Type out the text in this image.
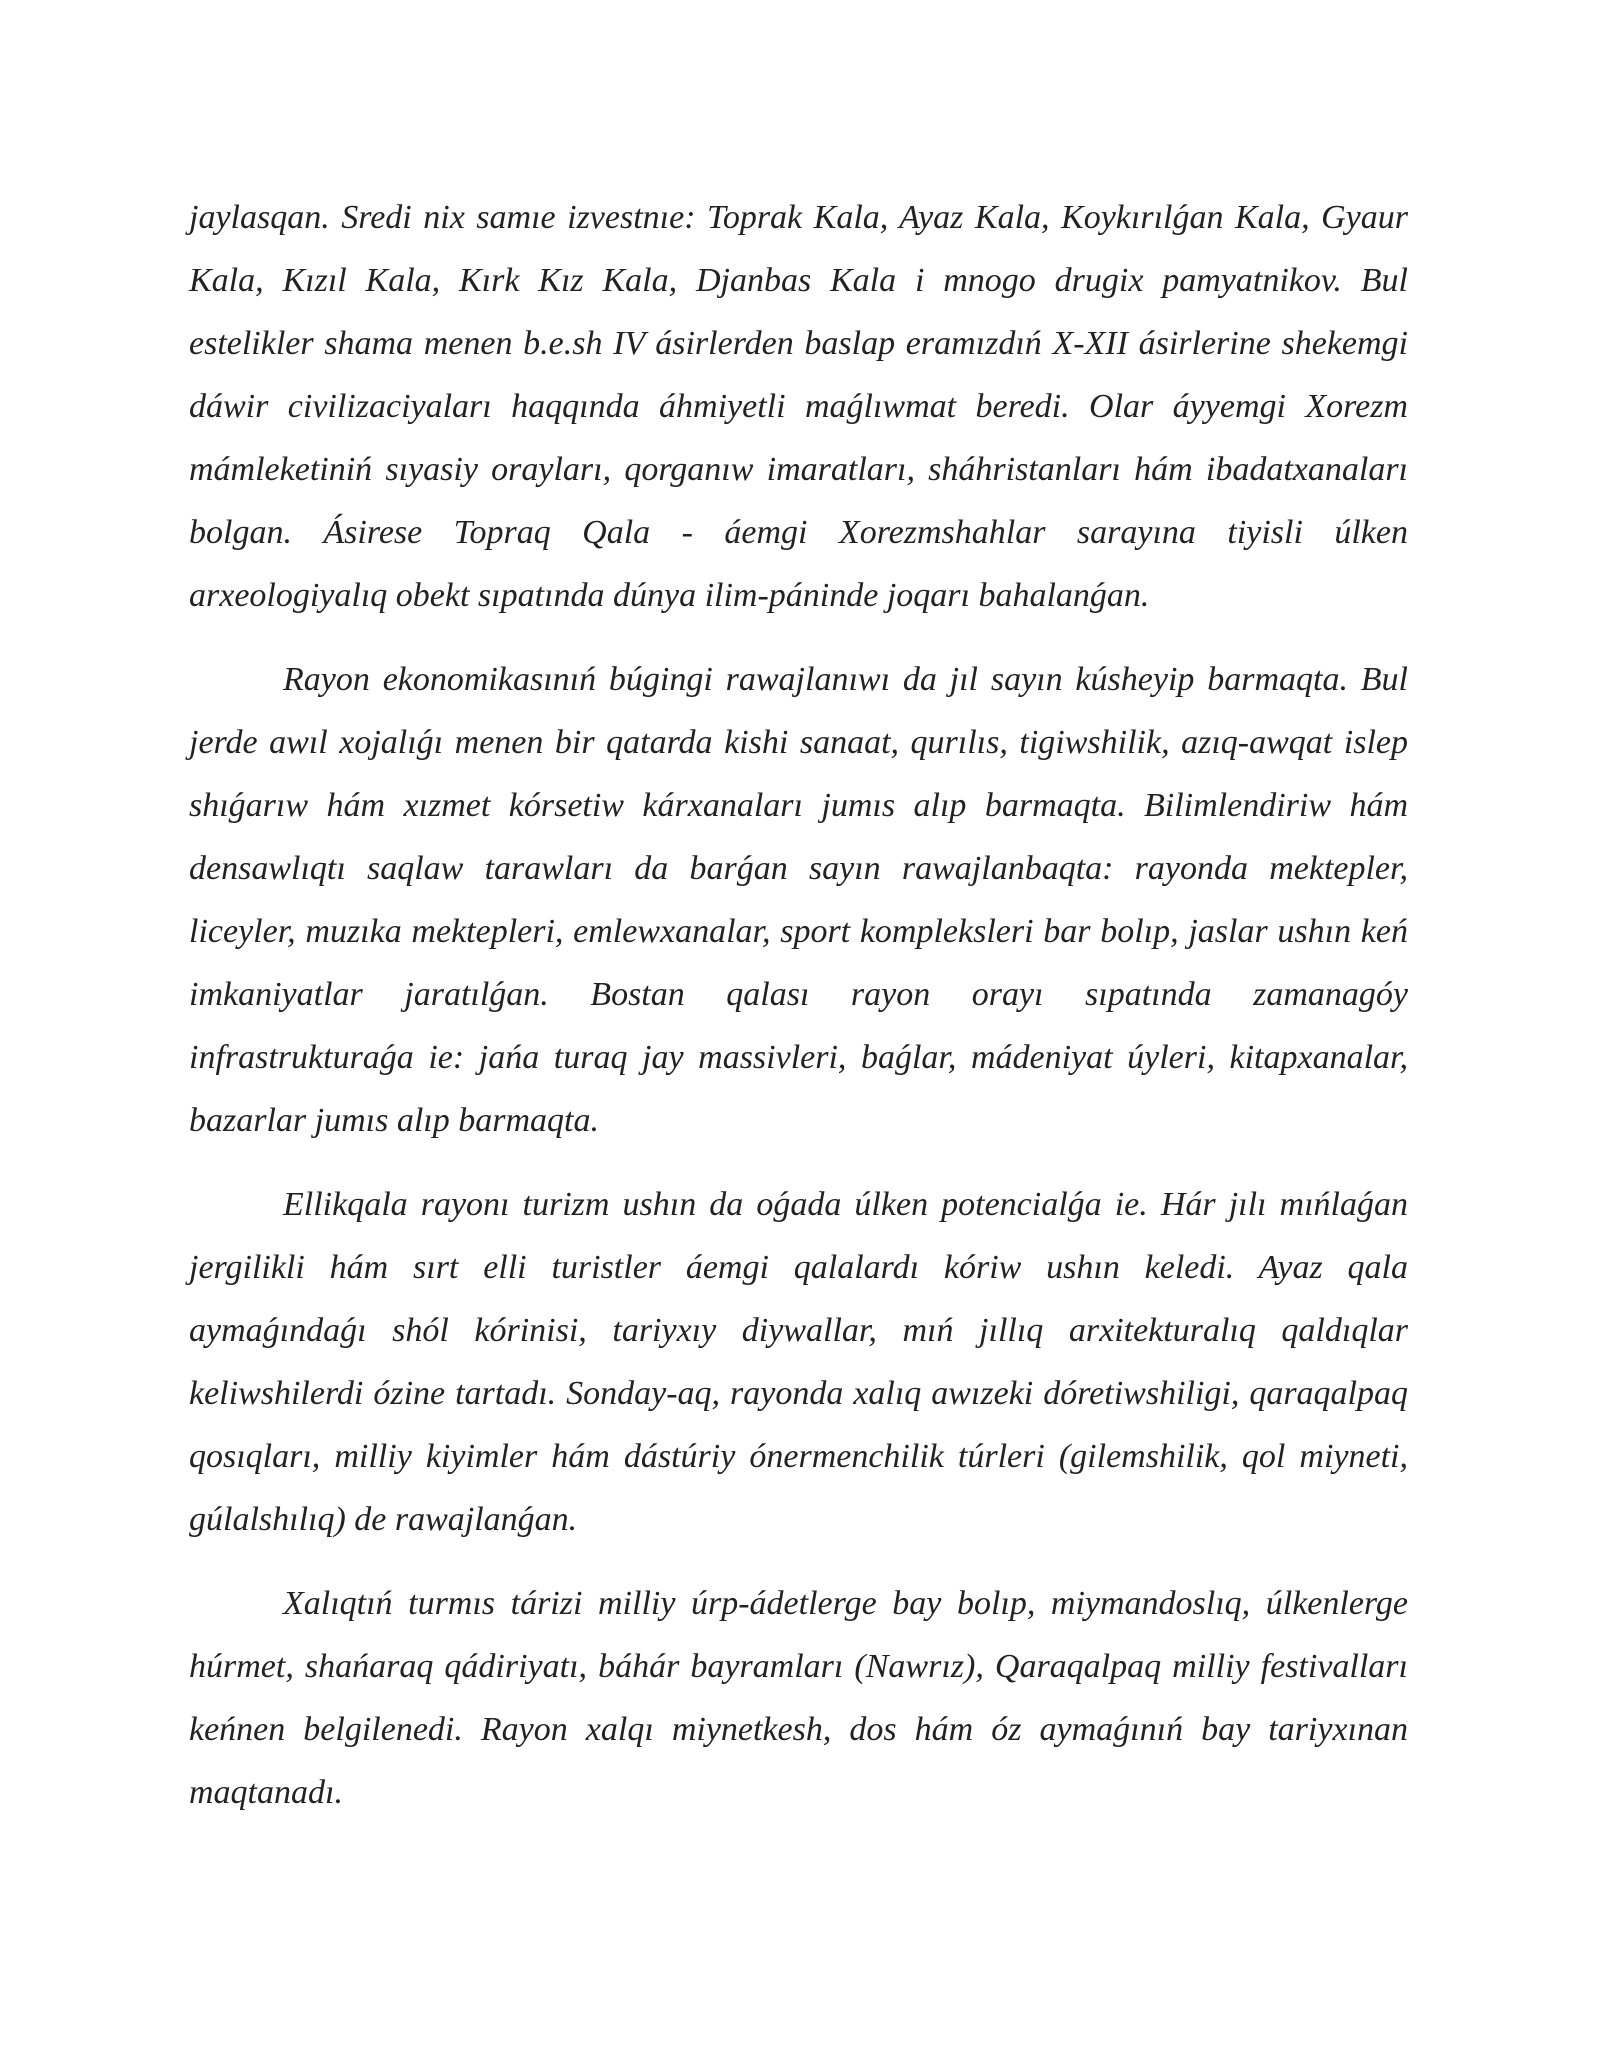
jaylasqan. Sredi nix samıe izvestnıe: Toprak Kala, Ayaz Kala, Koykırılǵan Kala, Gyaur Kala, Kızıl Kala, Kırk Kız Kala, Djanbas Kala i mnogo drugix pamyatnikov. Bul estelikler shama menen b.e.sh IV ásirlerden baslap eramızdıń X-XII ásirlerine shekemgi dáwir civilizaciyaları haqqında áhmiyetli maǵlıwmat beredi. Olar áyyemgi Xorezm mámleketiniń sıyasiy orayları, qorganıw imaratları, sháhristanları hám ibadatxanaları bolgan. Ásirese Topraq Qala - áemgi Xorezmshahlar sarayına tiyisli úlken arxeologiyalıq obekt sıpatında dúnya ilim-páninde joqarı bahalanǵan.

Rayon ekonomikasınıń búgingi rawajlanıwı da jıl sayın kúsheyip barmaqta. Bul jerde awıl xojalıǵı menen bir qatarda kishi sanaat, qurılıs, tigiwshilik, azıq-awqat islep shıǵarıw hám xızmet kórsetiw kárxanaları jumıs alıp barmaqta. Bilimlendiriw hám densawlıqtı saqlaw tarawları da barǵan sayın rawajlanbaqta: rayonda mektepler, liceyler, muzıka mektepleri, emlewxanalar, sport kompleksleri bar bolıp, jaslar ushın keń imkaniyatlar jaratılǵan. Bostan qalası rayon orayı sıpatında zamanagóy infrastrukturaǵa ie: jańa turaq jay massivleri, baǵlar, mádeniyat úyleri, kitapxanalar, bazarlar jumıs alıp barmaqta.

Ellikqala rayonı turizm ushın da oǵada úlken potencialǵa ie. Hár jılı mıńlaǵan jergilikli hám sırt elli turistler áemgi qalalardı kóriw ushın keledi. Ayaz qala aymaǵındaǵı shól kórinisi, tariyxıy diywallar, mıń jıllıq arxitekturalıq qaldıqlar keliwshilerdi ózine tartadı. Sonday-aq, rayonda xalıq awızeki dóretiwshiligi, qaraqalpaq qosıqları, milliy kiyimler hám dástúriy ónermenchilik túrleri (gilemshilik, qol miyneti, gúlalshılıq) de rawajlanǵan.

Xalıqtıń turmıs tárizi milliy úrp-ádetlerge bay bolıp, miymandoslıq, úlkenlerge húrmet, shańaraq qádiriyatı, báhár bayramları (Nawrız), Qaraqalpaq milliy festivalları keńnen belgilenedi. Rayon xalqı miynetkesh, dos hám óz aymaǵınıń bay tariyxınan maqtanadı.
